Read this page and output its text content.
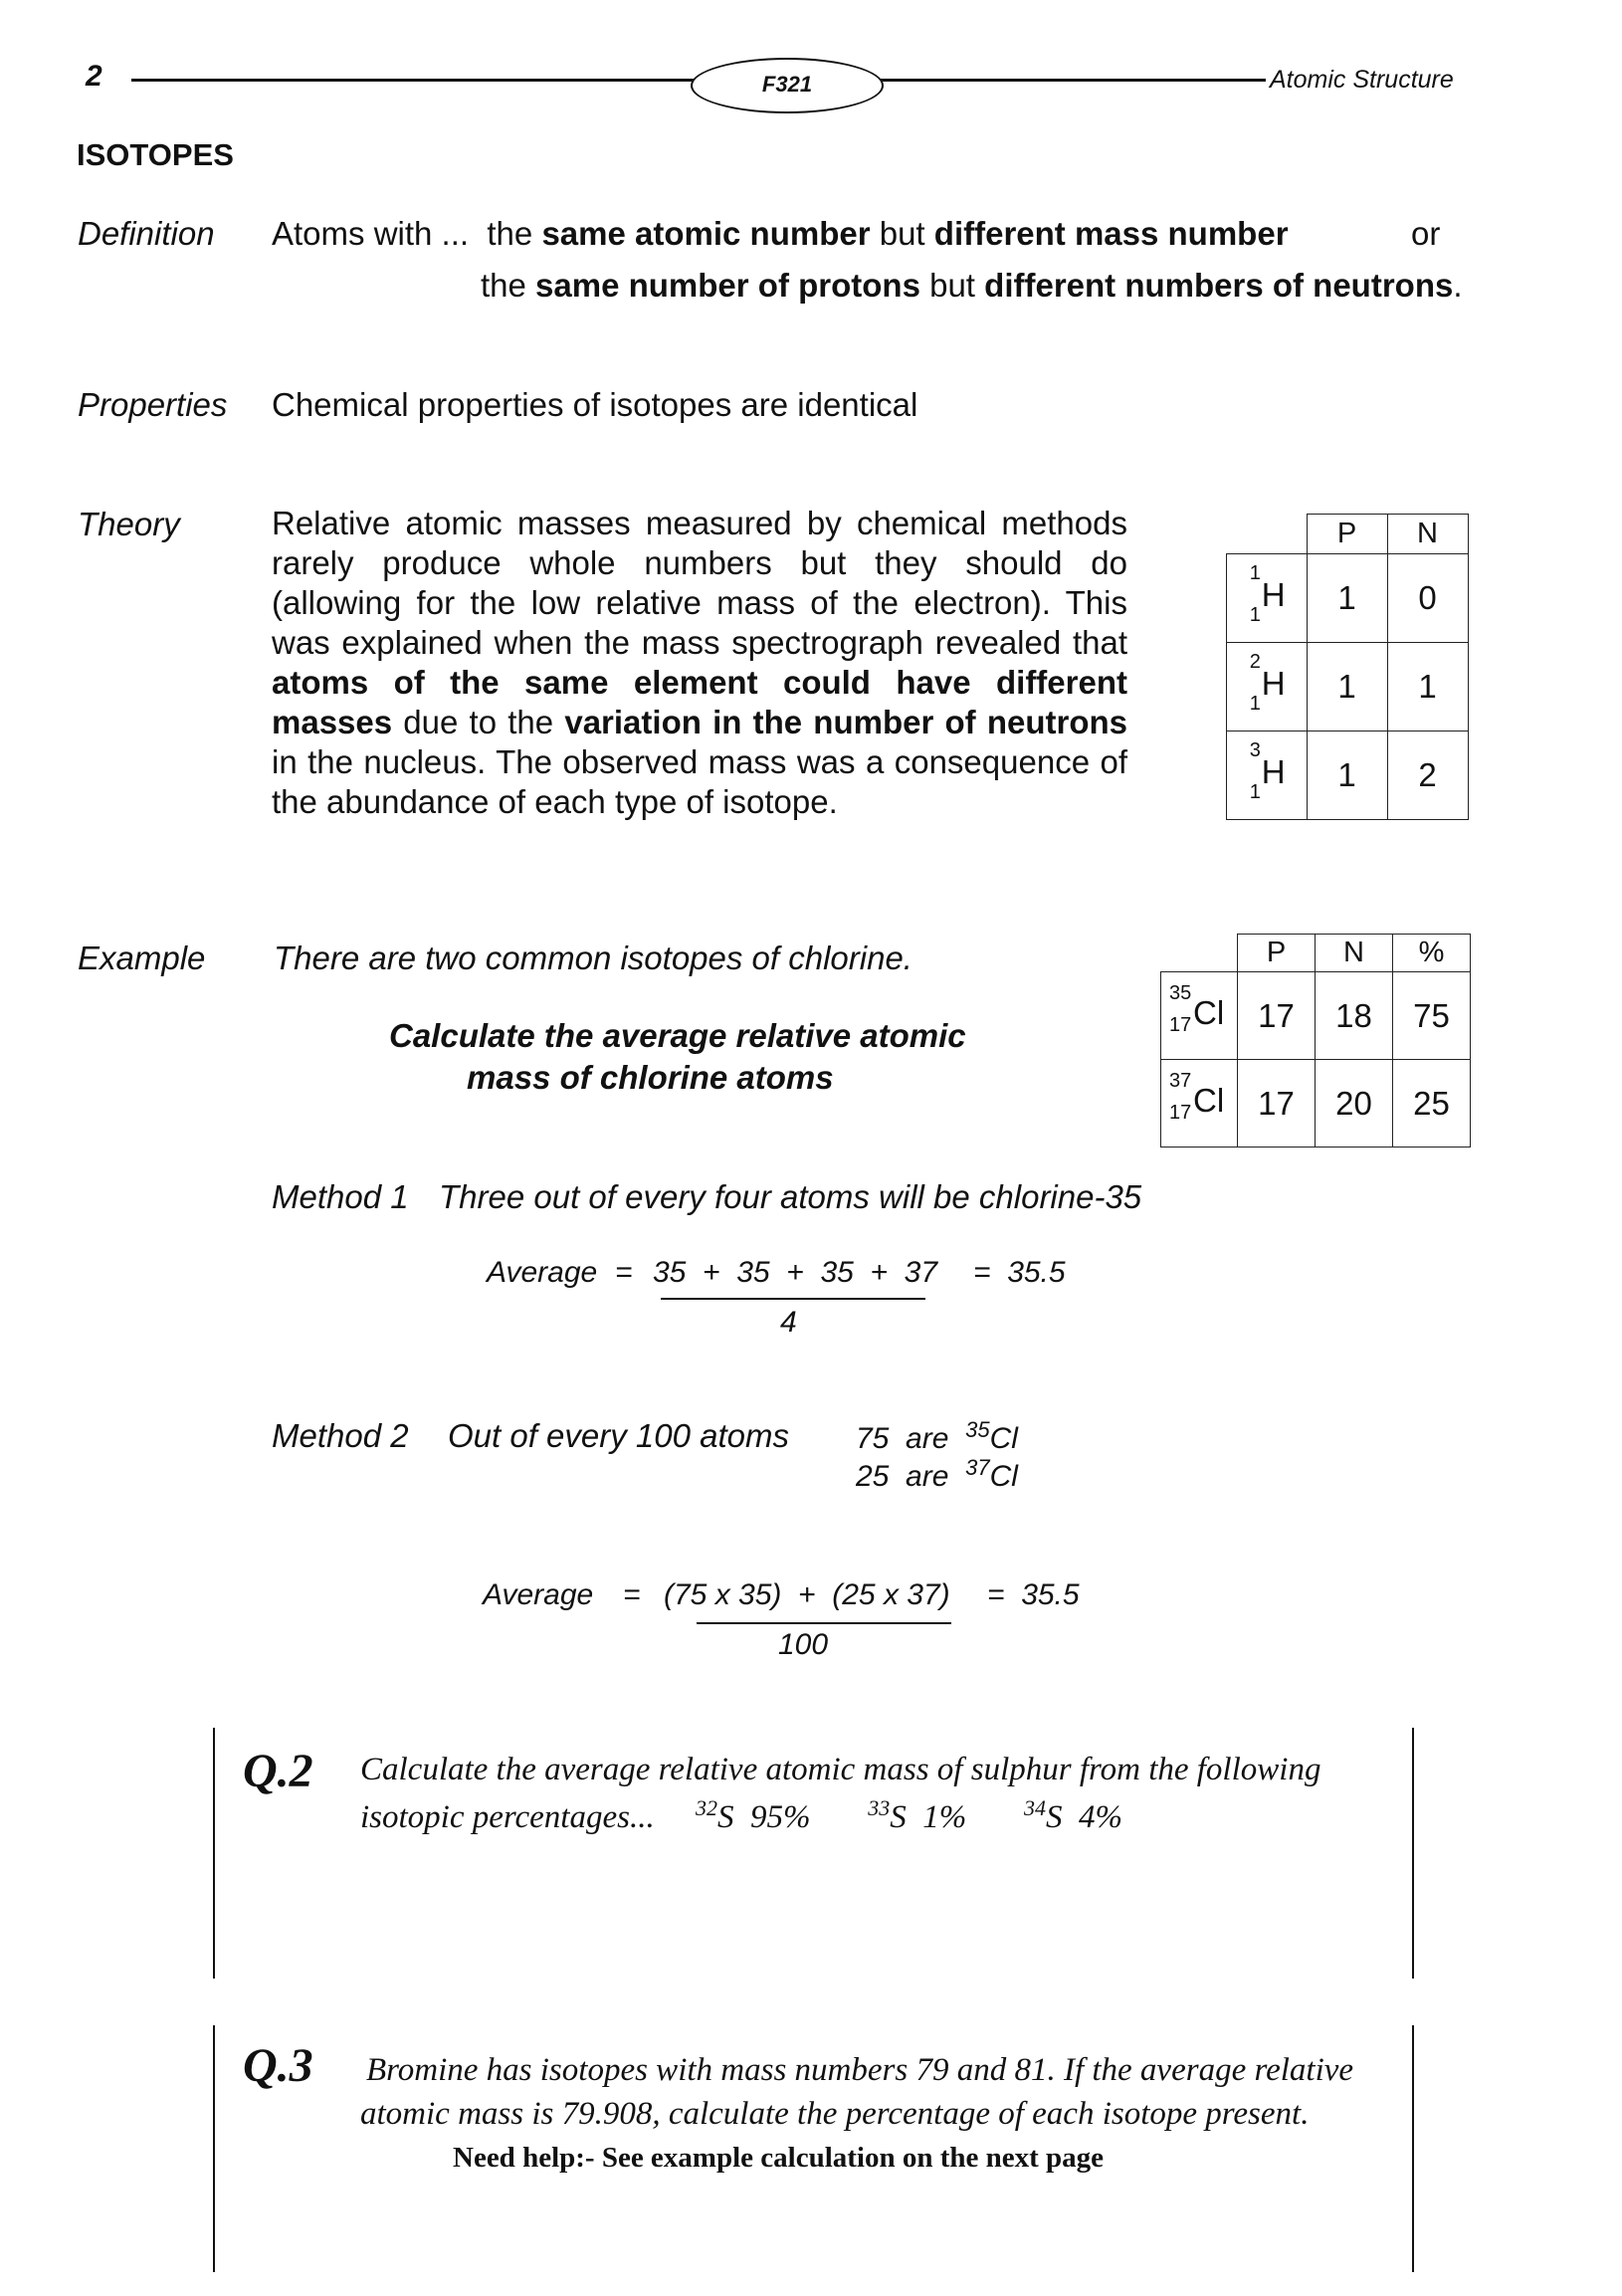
2	F321	Atomic Structure
ISOTOPES
Definition Atoms with ...  the same atomic number but different mass number	or
the same number of protons but different numbers of neutrons.
Properties Chemical properties of isotopes are identical
Theory	Relative atomic masses measured by chemical methods rarely produce whole numbers but they should do (allowing for the low relative mass of the electron). This was explained when the mass spectrograph revealed that atoms of the same element could have different masses due to the variation in the number of neutrons in the nucleus. The observed mass was a consequence of the abundance of each type of isotope.
	P	N

1
1
H	1	0

2
1
H	1	1

3
1
H	1	2
Example There are two common isotopes of chlorine.
Calculate the average relative atomic
mass of chlorine atoms
	P	N	%

35
17 Cl	17	18	75

37
17 Cl	17	20	25
Method 1 Three out of every four atoms will be chlorine-35
Average = 35  +  35  +  35  +  37
4
=  35.5
Method 2 Out of every 100 atoms 75  are $^{35}$Cl
25  are $^{37}$Cl
Average = (75 x 35)  +  (25 x 37)
100
=  35.5
Q.2 Calculate the average relative atomic mass of sulphur from the following
isotopic percentages... $^{32}$S  95%	$^{33}$S  1%	$^{34}$S  4%
Q.3 Bromine has isotopes with mass numbers 79 and 81. If the average relative
atomic mass is 79.908, calculate the percentage of each isotope present.
Need help:- See example calculation on the next page
